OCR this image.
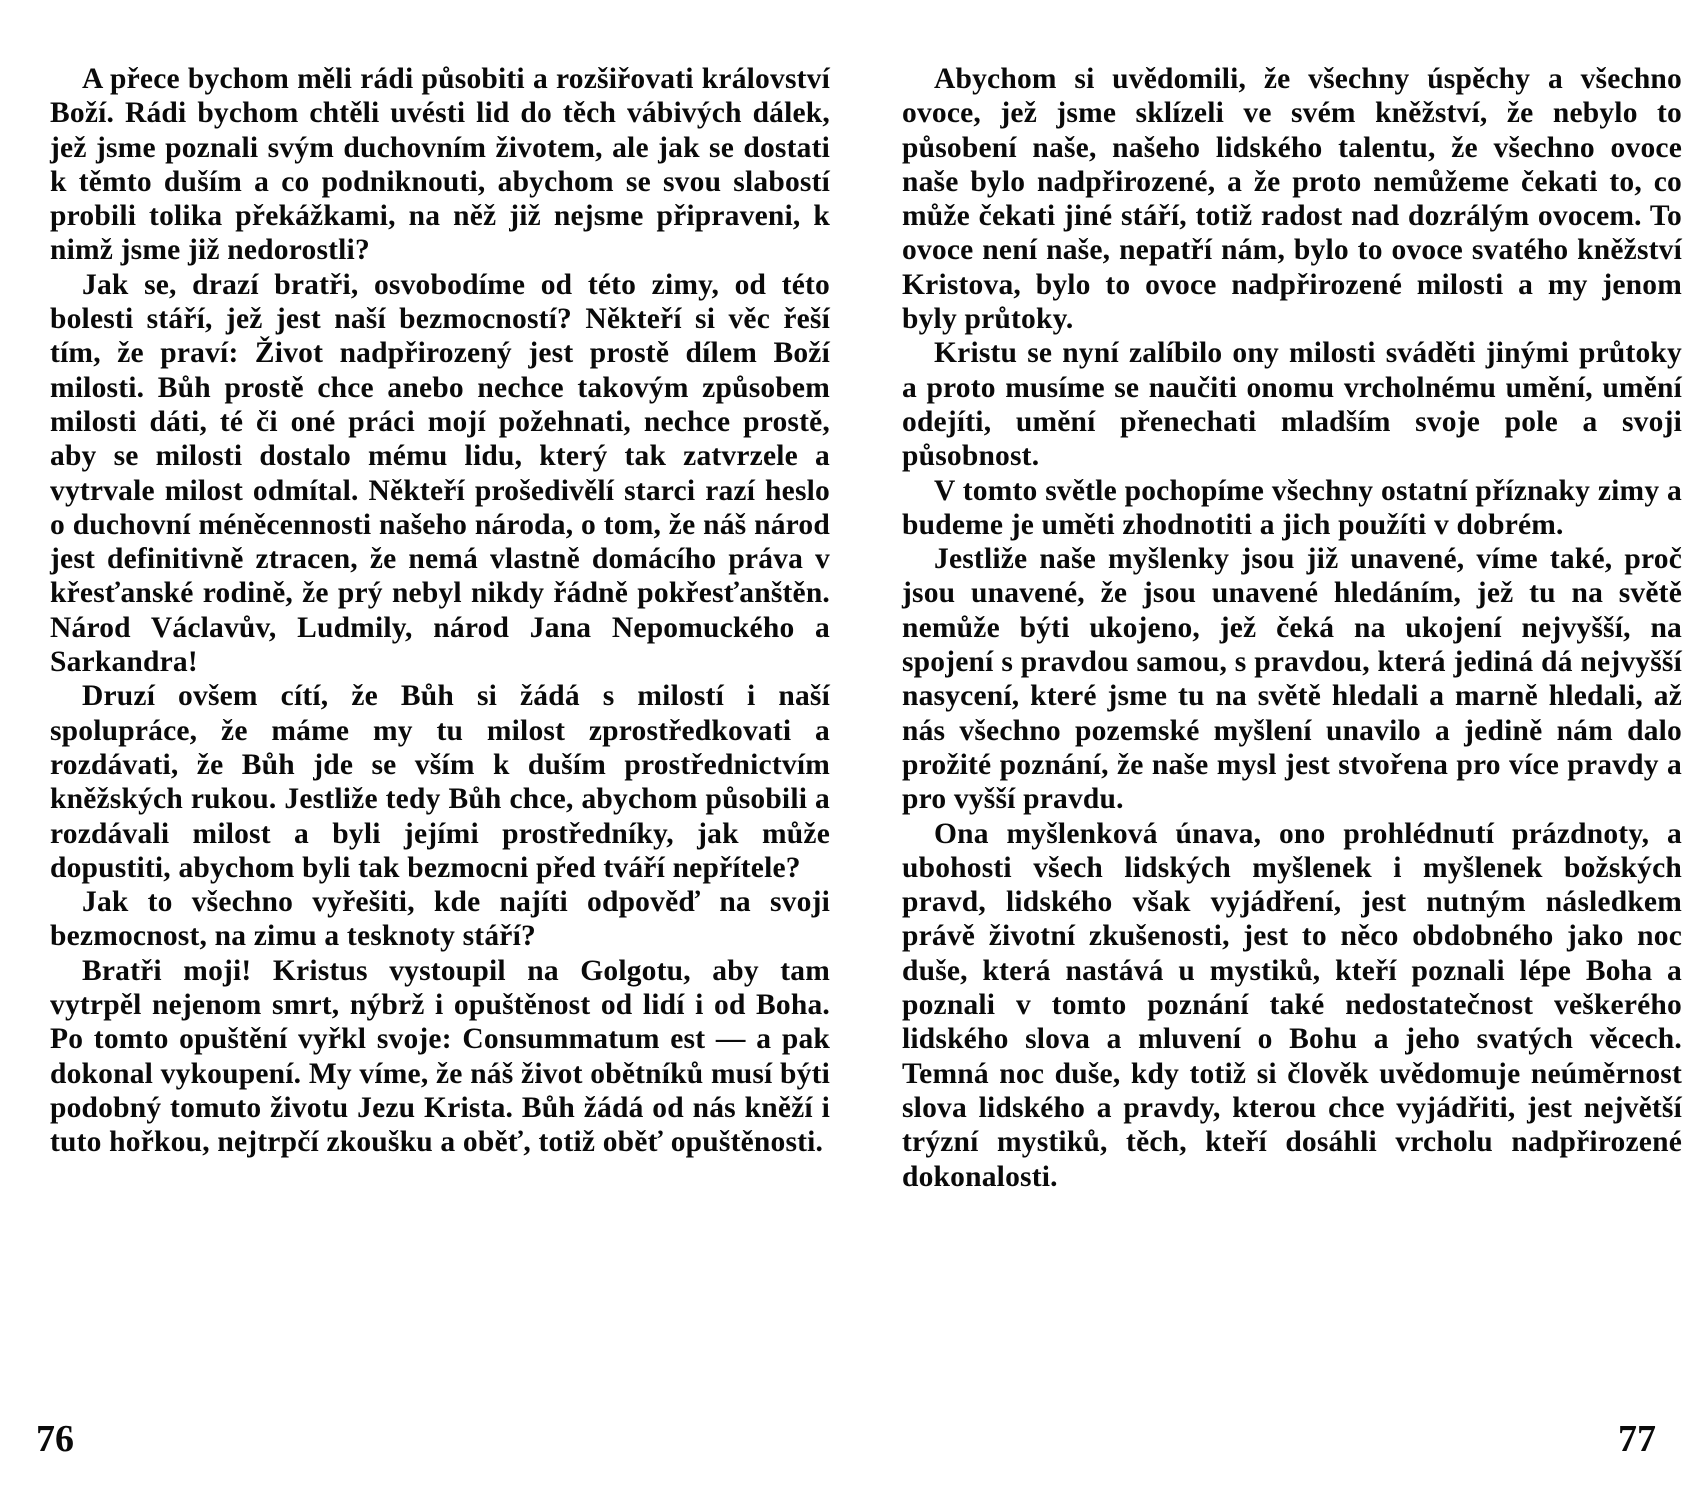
A přece bychom měli rádi působiti a rozšiřovati království Boží. Rádi bychom chtěli uvésti lid do těch vábivých dálek, jež jsme poznali svým duchovním životem, ale jak se dostati k těmto duším a co podniknouti, abychom se svou slabostí probili tolika překážkami, na něž již nejsme připraveni, k nimž jsme již nedorostli?

Jak se, drazí bratři, osvobodíme od této zimy, od této bolesti stáří, jež jest naší bezmocností? Někteří si věc řeší tím, že praví: Život nadpřirozený jest prostě dílem Boží milosti. Bůh prostě chce anebo nechce takovým způsobem milosti dáti, té či oné práci mojí požehnati, nechce prostě, aby se milosti dostalo mému lidu, který tak zatvrzele a vytrvale milost odmítal. Někteří prošedivělí starci razí heslo o duchovní méněcennosti našeho národa, o tom, že náš národ jest definitivně ztracen, že nemá vlastně domácího práva v křesťanské rodině, že prý nebyl nikdy řádně pokřesťanštěn. Národ Václavův, Ludmily, národ Jana Nepomuckého a Sarkandra!

Druzí ovšem cítí, že Bůh si žádá s milostí i naší spolupráce, že máme my tu milost zprostředkovati a rozdávati, že Bůh jde se vším k duším prostřednictvím kněžských rukou. Jestliže tedy Bůh chce, abychom působili a rozdávali milost a byli jejími prostředníky, jak může dopustiti, abychom byli tak bezmocni před tváří nepřítele?

Jak to všechno vyřešiti, kde najíti odpověď na svoji bezmocnost, na zimu a tesknoty stáří?

Bratři moji! Kristus vystoupil na Golgotu, aby tam vytrpěl nejenom smrt, nýbrž i opuštěnost od lidí i od Boha. Po tomto opuštění vyřkl svoje: Consummatum est — a pak dokonal vykoupení. My víme, že náš život obětníků musí býti podobný tomuto životu Jezu Krista. Bůh žádá od nás kněží i tuto hořkou, nejtrpčí zkoušku a oběť, totiž oběť opuštěnosti.

76

Abychom si uvědomili, že všechny úspěchy a všechno ovoce, jež jsme sklízeli ve svém kněžství, že nebylo to působení naše, našeho lidského talentu, že všechno ovoce naše bylo nadpřirozené, a že proto nemůžeme čekati to, co může čekati jiné stáří, totiž radost nad dozrálým ovocem. To ovoce není naše, nepatří nám, bylo to ovoce svatého kněžství Kristova, bylo to ovoce nadpřirozené milosti a my jenom byly průtoky.

Kristu se nyní zalíbilo ony milosti sváděti jinými průtoky a proto musíme se naučiti onomu vrcholnému umění, umění odejíti, umění přenechati mladším svoje pole a svoji působnost.

V tomto světle pochopíme všechny ostatní příznaky zimy a budeme je uměti zhodnotiti a jich použíti v dobrém.

Jestliže naše myšlenky jsou již unavené, víme také, proč jsou unavené, že jsou unavené hledáním, jež tu na světě nemůže býti ukojeno, jež čeká na ukojení nejvyšší, na spojení s pravdou samou, s pravdou, která jediná dá nejvyšší nasycení, které jsme tu na světě hledali a marně hledali, až nás všechno pozemské myšlení unavilo a jedině nám dalo prožité poznání, že naše mysl jest stvořena pro více pravdy a pro vyšší pravdu.

Ona myšlenková únava, ono prohlédnutí prázdnoty, a ubohosti všech lidských myšlenek i myšlenek božských pravd, lidského však vyjádření, jest nutným následkem právě životní zkušenosti, jest to něco obdobného jako noc duše, která nastává u mystiků, kteří poznali lépe Boha a poznali v tomto poznání také nedostatečnost veškerého lidského slova a mluvení o Bohu a jeho svatých věcech. Temná noc duše, kdy totiž si člověk uvědomuje neúměrnost slova lidského a pravdy, kterou chce vyjádřiti, jest největší trýzní mystiků, těch, kteří dosáhli vrcholu nadpřirozené dokonalosti.

77
